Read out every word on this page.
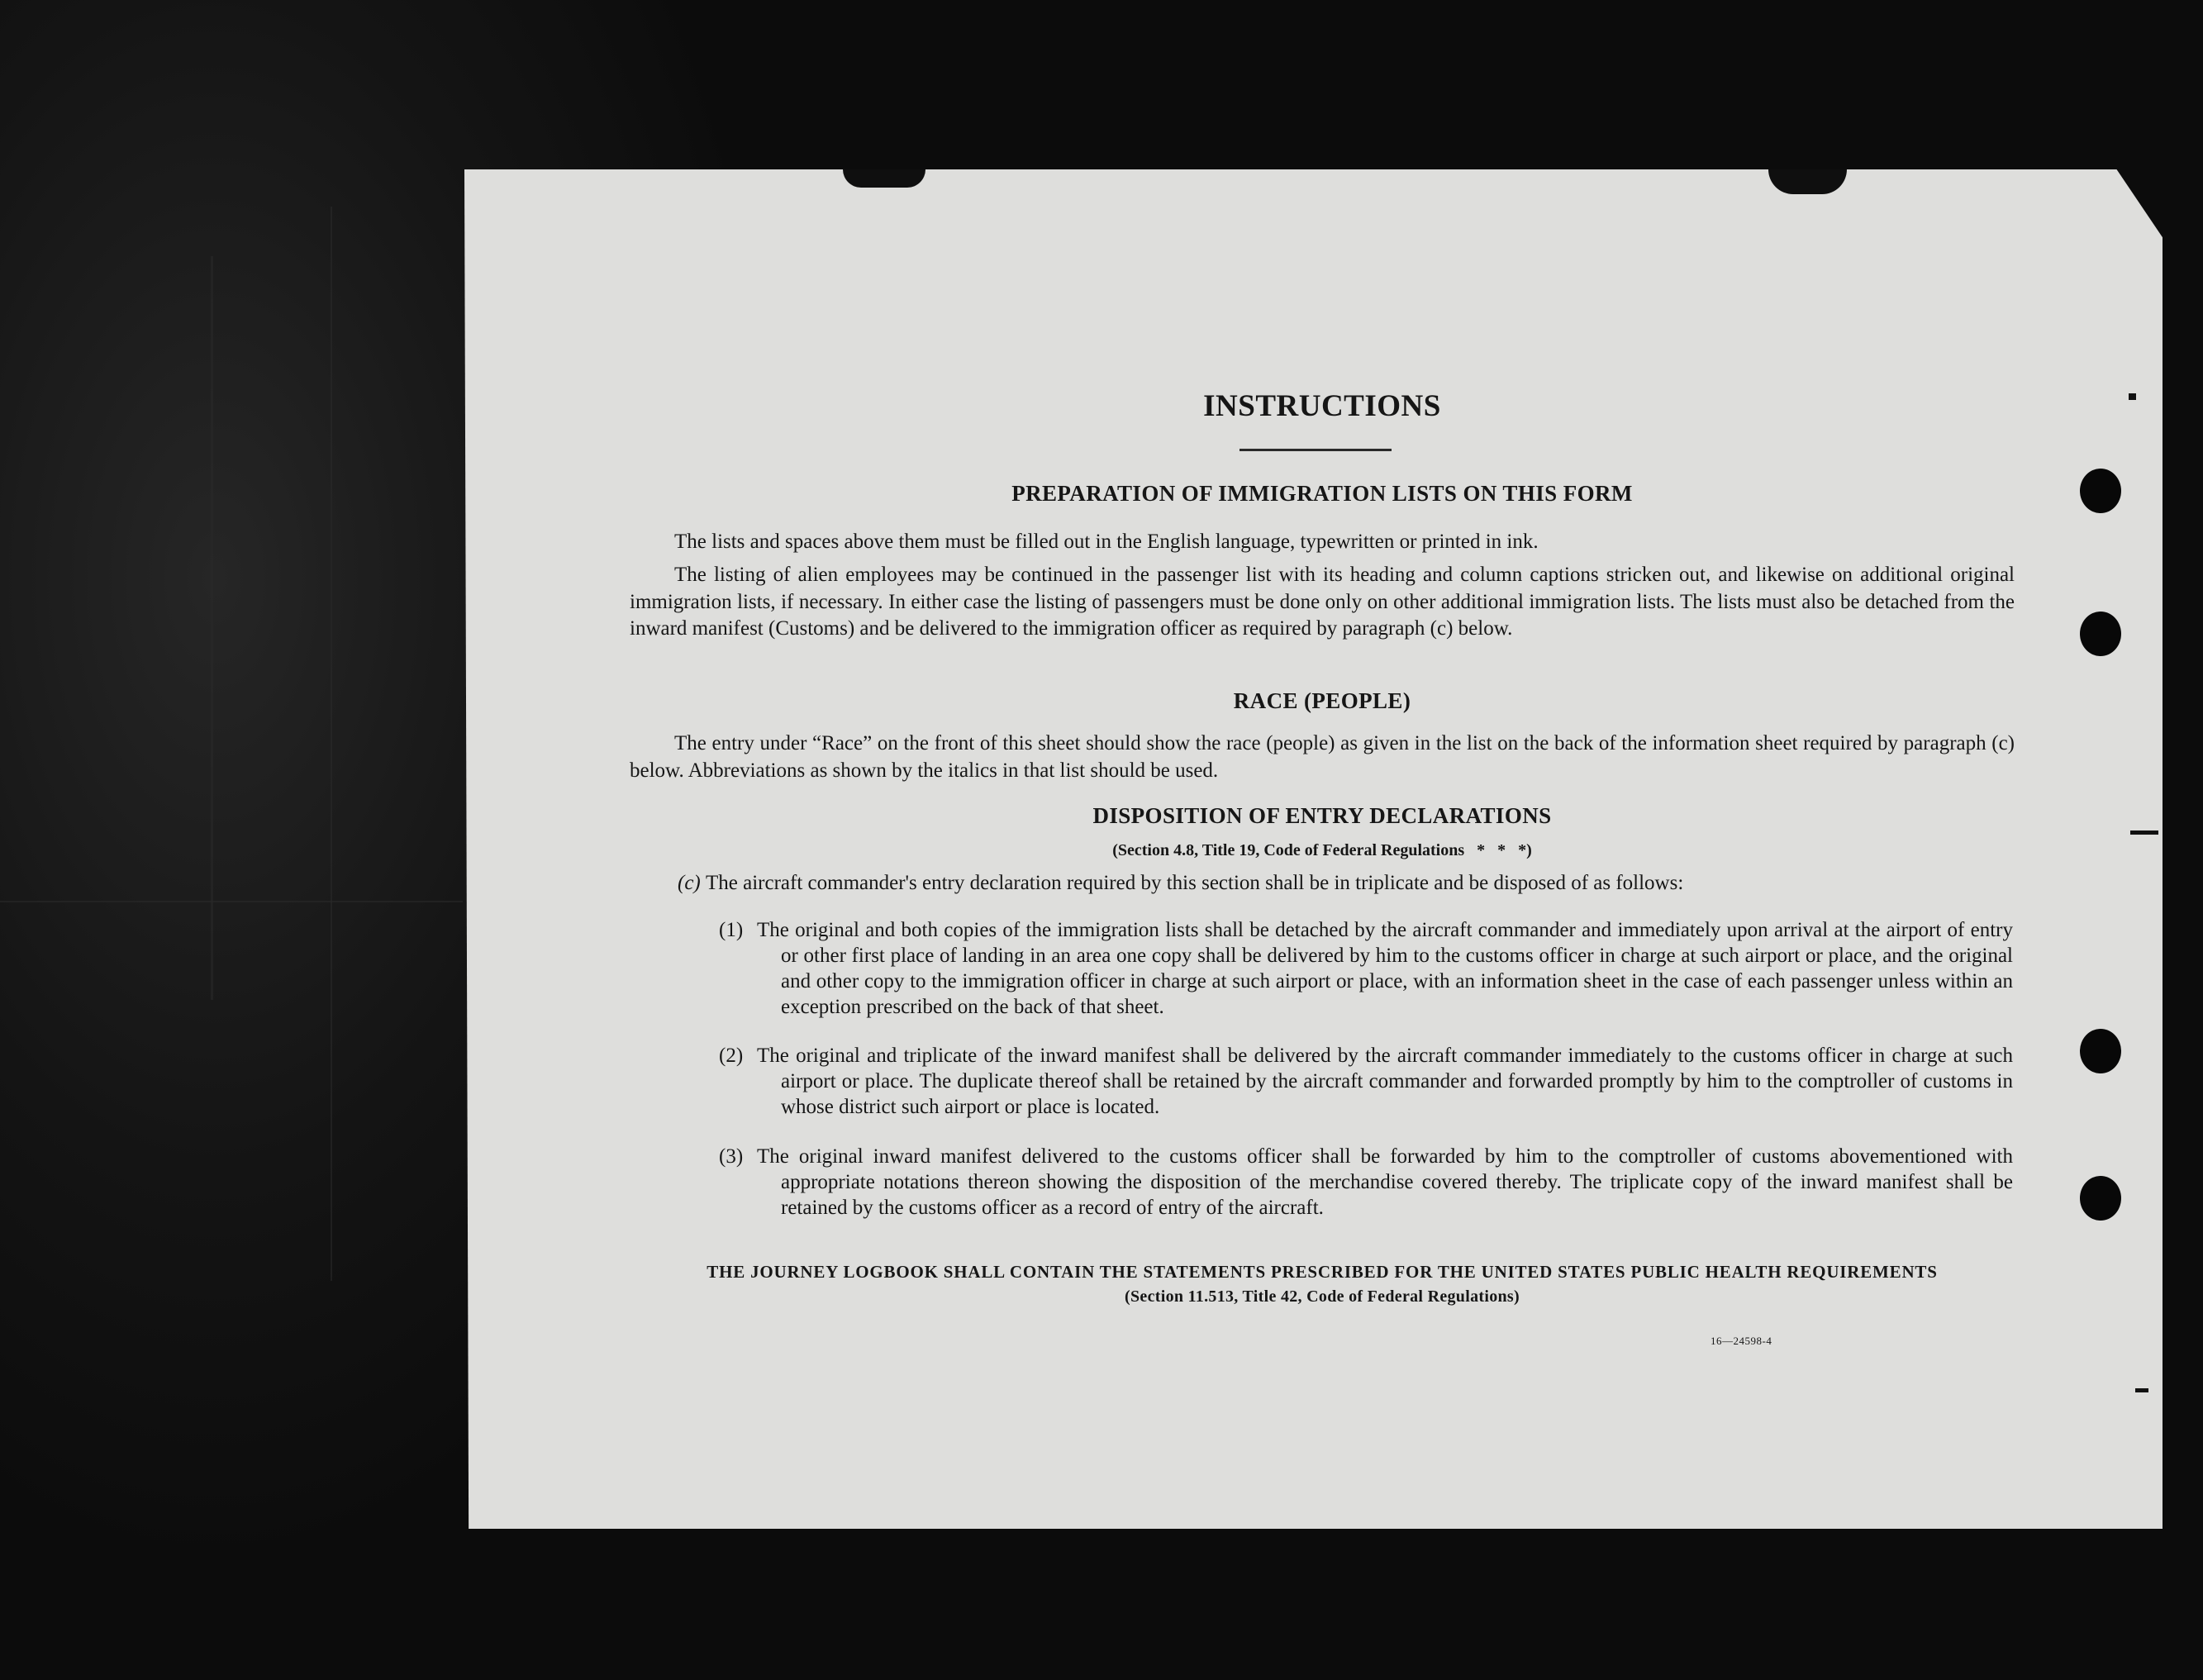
INSTRUCTIONS
PREPARATION OF IMMIGRATION LISTS ON THIS FORM
The lists and spaces above them must be filled out in the English language, typewritten or printed in ink.
The listing of alien employees may be continued in the passenger list with its heading and column captions stricken out, and likewise on additional original immigration lists, if necessary. In either case the listing of passengers must be done only on other additional immigration lists. The lists must also be detached from the inward manifest (Customs) and be delivered to the immigration officer as required by paragraph (c) below.
RACE (PEOPLE)
The entry under “Race” on the front of this sheet should show the race (people) as given in the list on the back of the information sheet required by paragraph (c) below. Abbreviations as shown by the italics in that list should be used.
DISPOSITION OF ENTRY DECLARATIONS
(Section 4.8, Title 19, Code of Federal Regulations   *   *   *)
(c) The aircraft commander's entry declaration required by this section shall be in triplicate and be disposed of as follows:
(1) The original and both copies of the immigration lists shall be detached by the aircraft commander and immediately upon arrival at the airport of entry or other first place of landing in an area one copy shall be delivered by him to the customs officer in charge at such airport or place, and the original and other copy to the immigration officer in charge at such airport or place, with an information sheet in the case of each passenger unless within an exception prescribed on the back of that sheet.
(2) The original and triplicate of the inward manifest shall be delivered by the aircraft commander immediately to the customs officer in charge at such airport or place. The duplicate thereof shall be retained by the aircraft commander and forwarded promptly by him to the comptroller of customs in whose district such airport or place is located.
(3) The original inward manifest delivered to the customs officer shall be forwarded by him to the comptroller of customs abovementioned with appropriate notations thereon showing the disposition of the merchandise covered thereby. The triplicate copy of the inward manifest shall be retained by the customs officer as a record of entry of the aircraft.
THE JOURNEY LOGBOOK SHALL CONTAIN THE STATEMENTS PRESCRIBED FOR THE UNITED STATES PUBLIC HEALTH REQUIREMENTS
(Section 11.513, Title 42, Code of Federal Regulations)
16—24598-4
